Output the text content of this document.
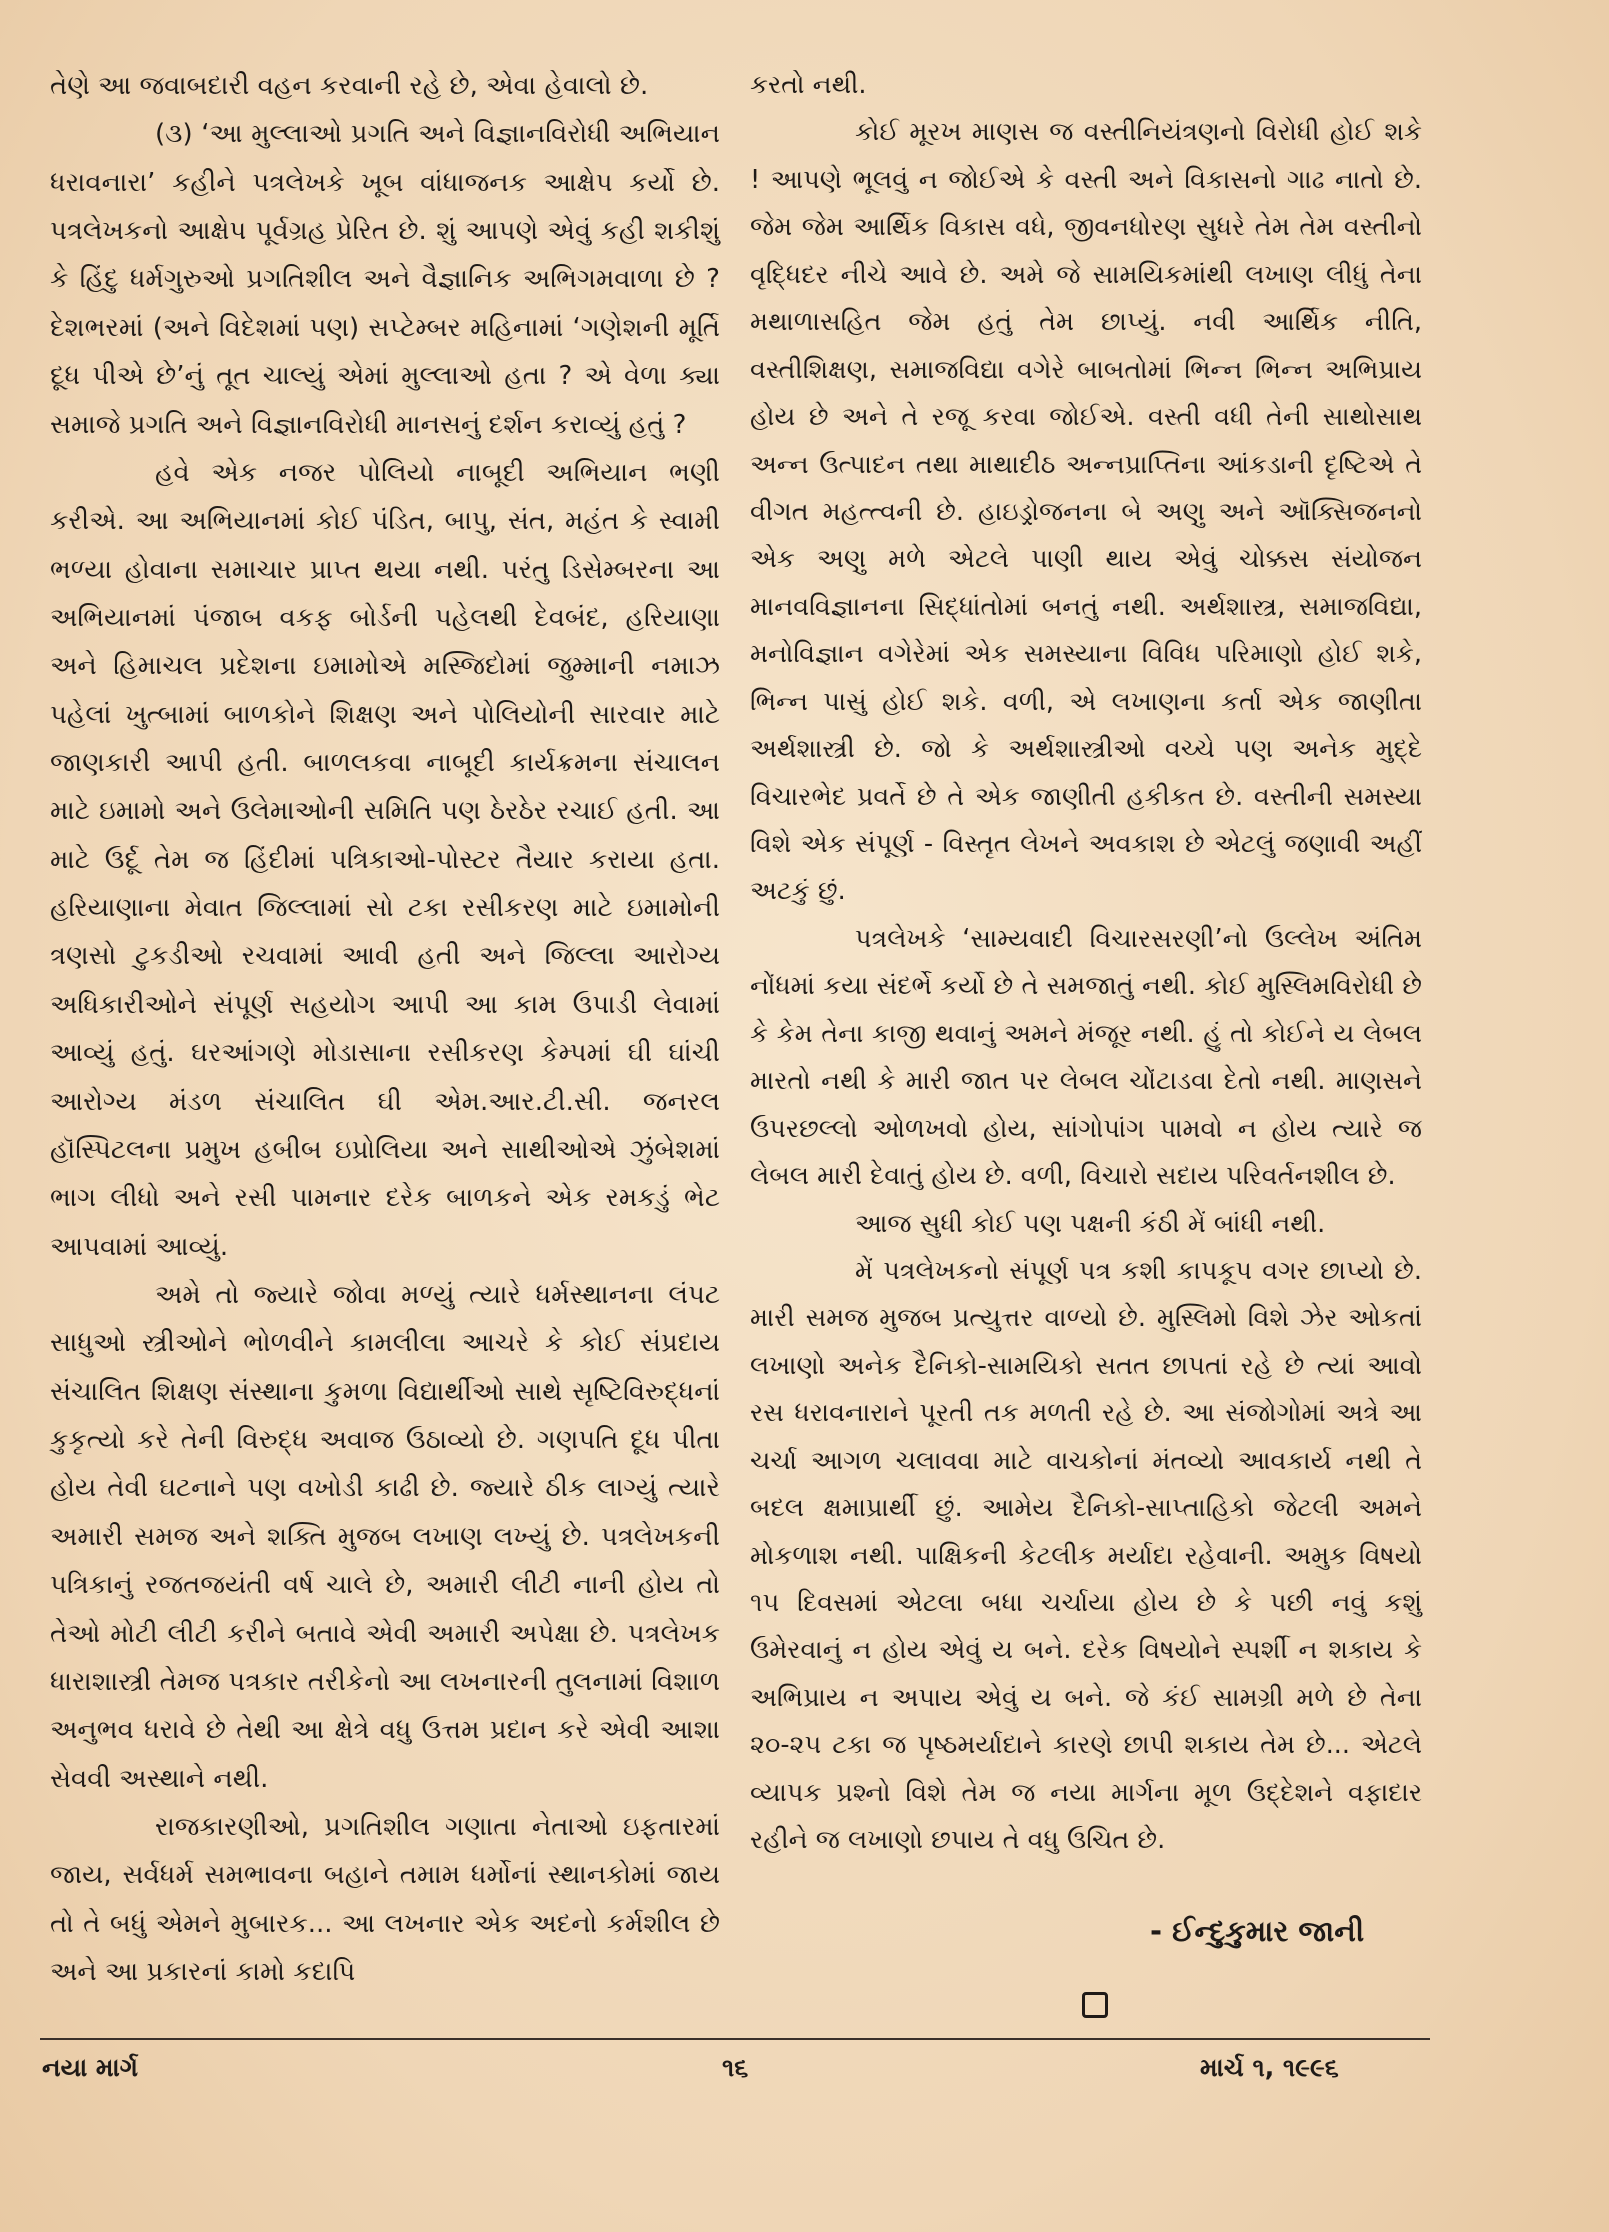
તેણે આ જવાબદારી વહન કરવાની રહે છે, એવા હેવાલો છે.

(૩) ‘આ મુલ્લાઓ પ્રગતિ અને વિજ્ઞાનવિરોધી અભિયાન ધરાવનારા’ કહીને પત્રલેખકે ખૂબ વાંધાજનક આક્ષેપ કર્યો છે. પત્રલેખકનો આક્ષેપ પૂર્વગ્રહ પ્રેરિત છે. શું આપણે એવું કહી શકીશું કે હિંદુ ધર્મગુરુઓ પ્રગતિશીલ અને વૈજ્ઞાનિક અભિગમવાળા છે ? દેશભરમાં (અને વિદેશમાં પણ) સપ્ટેમ્બર મહિનામાં ‘ગણેશની મૂર્તિ દૂધ પીએ છે’નું તૂત ચાલ્યું એમાં મુલ્લાઓ હતા ? એ વેળા ક્યા સમાજે પ્રગતિ અને વિજ્ઞાનવિરોધી માનસનું દર્શન કરાવ્યું હતું ?

હવે એક નજર પોલિયો નાબૂદી અભિયાન ભણી કરીએ. આ અભિયાનમાં કોઈ પંડિત, બાપુ, સંત, મહંત કે સ્વામી ભળ્યા હોવાના સમાચાર પ્રાપ્ત થયા નથી. પરંતુ ડિસેમ્બરના આ અભિયાનમાં પંજાબ વકફ બોર્ડની પહેલથી દેવબંદ, હરિયાણા અને હિમાચલ પ્રદેશના ઇમામોએ મસ્જિદોમાં જુમ્માની નમાઝ પહેલાં ખુત્બામાં બાળકોને શિક્ષણ અને પોલિયોની સારવાર માટે જાણકારી આપી હતી. બાળલકવા નાબૂદી કાર્યક્રમના સંચાલન માટે ઇમામો અને ઉલેમાઓની સમિતિ પણ ઠેરઠેર રચાઈ હતી. આ માટે ઉર્દૂ તેમ જ હિંદીમાં પત્રિકાઓ-પોસ્ટર તૈયાર કરાયા હતા. હરિયાણાના મેવાત જિલ્લામાં સો ટકા રસીકરણ માટે ઇમામોની ત્રણસો ટુકડીઓ રચવામાં આવી હતી અને જિલ્લા આરોગ્ય અધિકારીઓને સંપૂર્ણ સહયોગ આપી આ કામ ઉપાડી લેવામાં આવ્યું હતું. ઘરઆંગણે મોડાસાના રસીકરણ કેમ્પમાં ઘી ઘાંચી આરોગ્ય મંડળ સંચાલિત ઘી એમ.આર.ટી.સી. જનરલ હૉસ્પિટલના પ્રમુખ હબીબ ઇપ્રોલિયા અને સાથીઓએ ઝુંબેશમાં ભાગ લીધો અને રસી પામનાર દરેક બાળકને એક રમકડું ભેટ આપવામાં આવ્યું.

અમે તો જ્યારે જોવા મળ્યું ત્યારે ધર્મસ્થાનના લંપટ સાધુઓ સ્ત્રીઓને ભોળવીને કામલીલા આચરે કે કોઈ સંપ્રદાય સંચાલિત શિક્ષણ સંસ્થાના કુમળા વિદ્યાર્થીઓ સાથે સૃષ્ટિવિરુદ્ધનાં કુકૃત્યો કરે તેની વિરુદ્ધ અવાજ ઉઠાવ્યો છે. ગણપતિ દૂધ પીતા હોય તેવી ઘટનાને પણ વખોડી કાઢી છે. જ્યારે ઠીક લાગ્યું ત્યારે અમારી સમજ અને શક્તિ મુજબ લખાણ લખ્યું છે. પત્રલેખકની પત્રિકાનું રજતજયંતી વર્ષ ચાલે છે, અમારી લીટી નાની હોય તો તેઓ મોટી લીટી કરીને બતાવે એવી અમારી અપેક્ષા છે. પત્રલેખક ધારાશાસ્ત્રી તેમજ પત્રકાર તરીકેનો આ લખનારની તુલનામાં વિશાળ અનુભવ ધરાવે છે તેથી આ ક્ષેત્રે વધુ ઉત્તમ પ્રદાન કરે એવી આશા સેવવી અસ્થાને નથી.

રાજકારણીઓ, પ્રગતિશીલ ગણાતા નેતાઓ ઇફતારમાં જાય, સર્વધર્મ સમભાવના બહાને તમામ ધર્મોનાં સ્થાનકોમાં જાય તો તે બધું એમને મુબારક... આ લખનાર એક અદનો કર્મશીલ છે અને આ પ્રકારનાં કામો કદાપિ

કરતો નથી.

કોઈ મૂરખ માણસ જ વસ્તીનિયંત્રણનો વિરોધી હોઈ શકે ! આપણે ભૂલવું ન જોઈએ કે વસ્તી અને વિકાસનો ગાઢ નાતો છે. જેમ જેમ આર્થિક વિકાસ વધે, જીવનધોરણ સુધરે તેમ તેમ વસ્તીનો વૃદ્ધિદર નીચે આવે છે. અમે જે સામયિકમાંથી લખાણ લીધું તેના મથાળાસહિત જેમ હતું તેમ છાપ્યું. નવી આર્થિક નીતિ, વસ્તીશિક્ષણ, સમાજવિદ્યા વગેરે બાબતોમાં ભિન્ન ભિન્ન અભિપ્રાય હોય છે અને તે રજૂ કરવા જોઈએ. વસ્તી વધી તેની સાથોસાથ અન્ન ઉત્પાદન તથા માથાદીઠ અન્નપ્રાપ્તિના આંકડાની દૃષ્ટિએ તે વીગત મહત્ત્વની છે. હાઇડ્રોજનના બે અણુ અને ઑક્સિજનનો એક અણુ મળે એટલે પાણી થાય એવું ચોક્કસ સંયોજન માનવવિજ્ઞાનના સિદ્ધાંતોમાં બનતું નથી. અર્થશાસ્ત્ર, સમાજવિદ્યા, મનોવિજ્ઞાન વગેરેમાં એક સમસ્યાના વિવિધ પરિમાણો હોઈ શકે, ભિન્ન પાસું હોઈ શકે. વળી, એ લખાણના કર્તા એક જાણીતા અર્થશાસ્ત્રી છે. જો કે અર્થશાસ્ત્રીઓ વચ્ચે પણ અનેક મુદ્દે વિચારભેદ પ્રવર્તે છે તે એક જાણીતી હકીકત છે. વસ્તીની સમસ્યા વિશે એક સંપૂર્ણ - વિસ્તૃત લેખને અવકાશ છે એટલું જણાવી અહીં અટકું છું.

પત્રલેખકે ‘સામ્યવાદી વિચારસરણી’નો ઉલ્લેખ અંતિમ નોંધમાં કયા સંદર્ભે કર્યો છે તે સમજાતું નથી. કોઈ મુસ્લિમવિરોધી છે કે કેમ તેના કાજી થવાનું અમને મંજૂર નથી. હું તો કોઈને ય લેબલ મારતો નથી કે મારી જાત પર લેબલ ચોંટાડવા દેતો નથી. માણસને ઉપરછલ્લો ઓળખવો હોય, સાંગોપાંગ પામવો ન હોય ત્યારે જ લેબલ મારી દેવાતું હોય છે. વળી, વિચારો સદાય પરિવર્તનશીલ છે.

આજ સુધી કોઈ પણ પક્ષની કંઠી મેં બાંધી નથી.

મેં પત્રલેખકનો સંપૂર્ણ પત્ર કશી કાપકૂપ વગર છાપ્યો છે. મારી સમજ મુજબ પ્રત્યુત્તર વાળ્યો છે. મુસ્લિમો વિશે ઝેર ઓકતાં લખાણો અનેક દૈનિકો-સામયિકો સતત છાપતાં રહે છે ત્યાં આવો રસ ધરાવનારાને પૂરતી તક મળતી રહે છે. આ સંજોગોમાં અત્રે આ ચર્ચા આગળ ચલાવવા માટે વાચકોનાં મંતવ્યો આવકાર્ય નથી તે બદલ ક્ષમાપ્રાર્થી છું. આમેય દૈનિકો-સાપ્તાહિકો જેટલી અમને મોકળાશ નથી. પાક્ષિકની કેટલીક મર્યાદા રહેવાની. અમુક વિષયો ૧૫ દિવસમાં એટલા બધા ચર્ચાયા હોય છે કે પછી નવું કશું ઉમેરવાનું ન હોય એવું ય બને. દરેક વિષયોને સ્પર્શી ન શકાય કે અભિપ્રાય ન અપાય એવું ય બને. જે કંઈ સામગ્રી મળે છે તેના ૨૦-૨૫ ટકા જ પૃષ્ઠમર્યાદાને કારણે છાપી શકાય તેમ છે... એટલે વ્યાપક પ્રશ્નો વિશે તેમ જ નયા માર્ગના મૂળ ઉદ્દેશને વફાદાર રહીને જ લખાણો છપાય તે વધુ ઉચિત છે.

- ઈન્દુકુમાર જાની
નયા માર્ગ	૧૬	માર્ચ ૧, ૧૯૯૬
